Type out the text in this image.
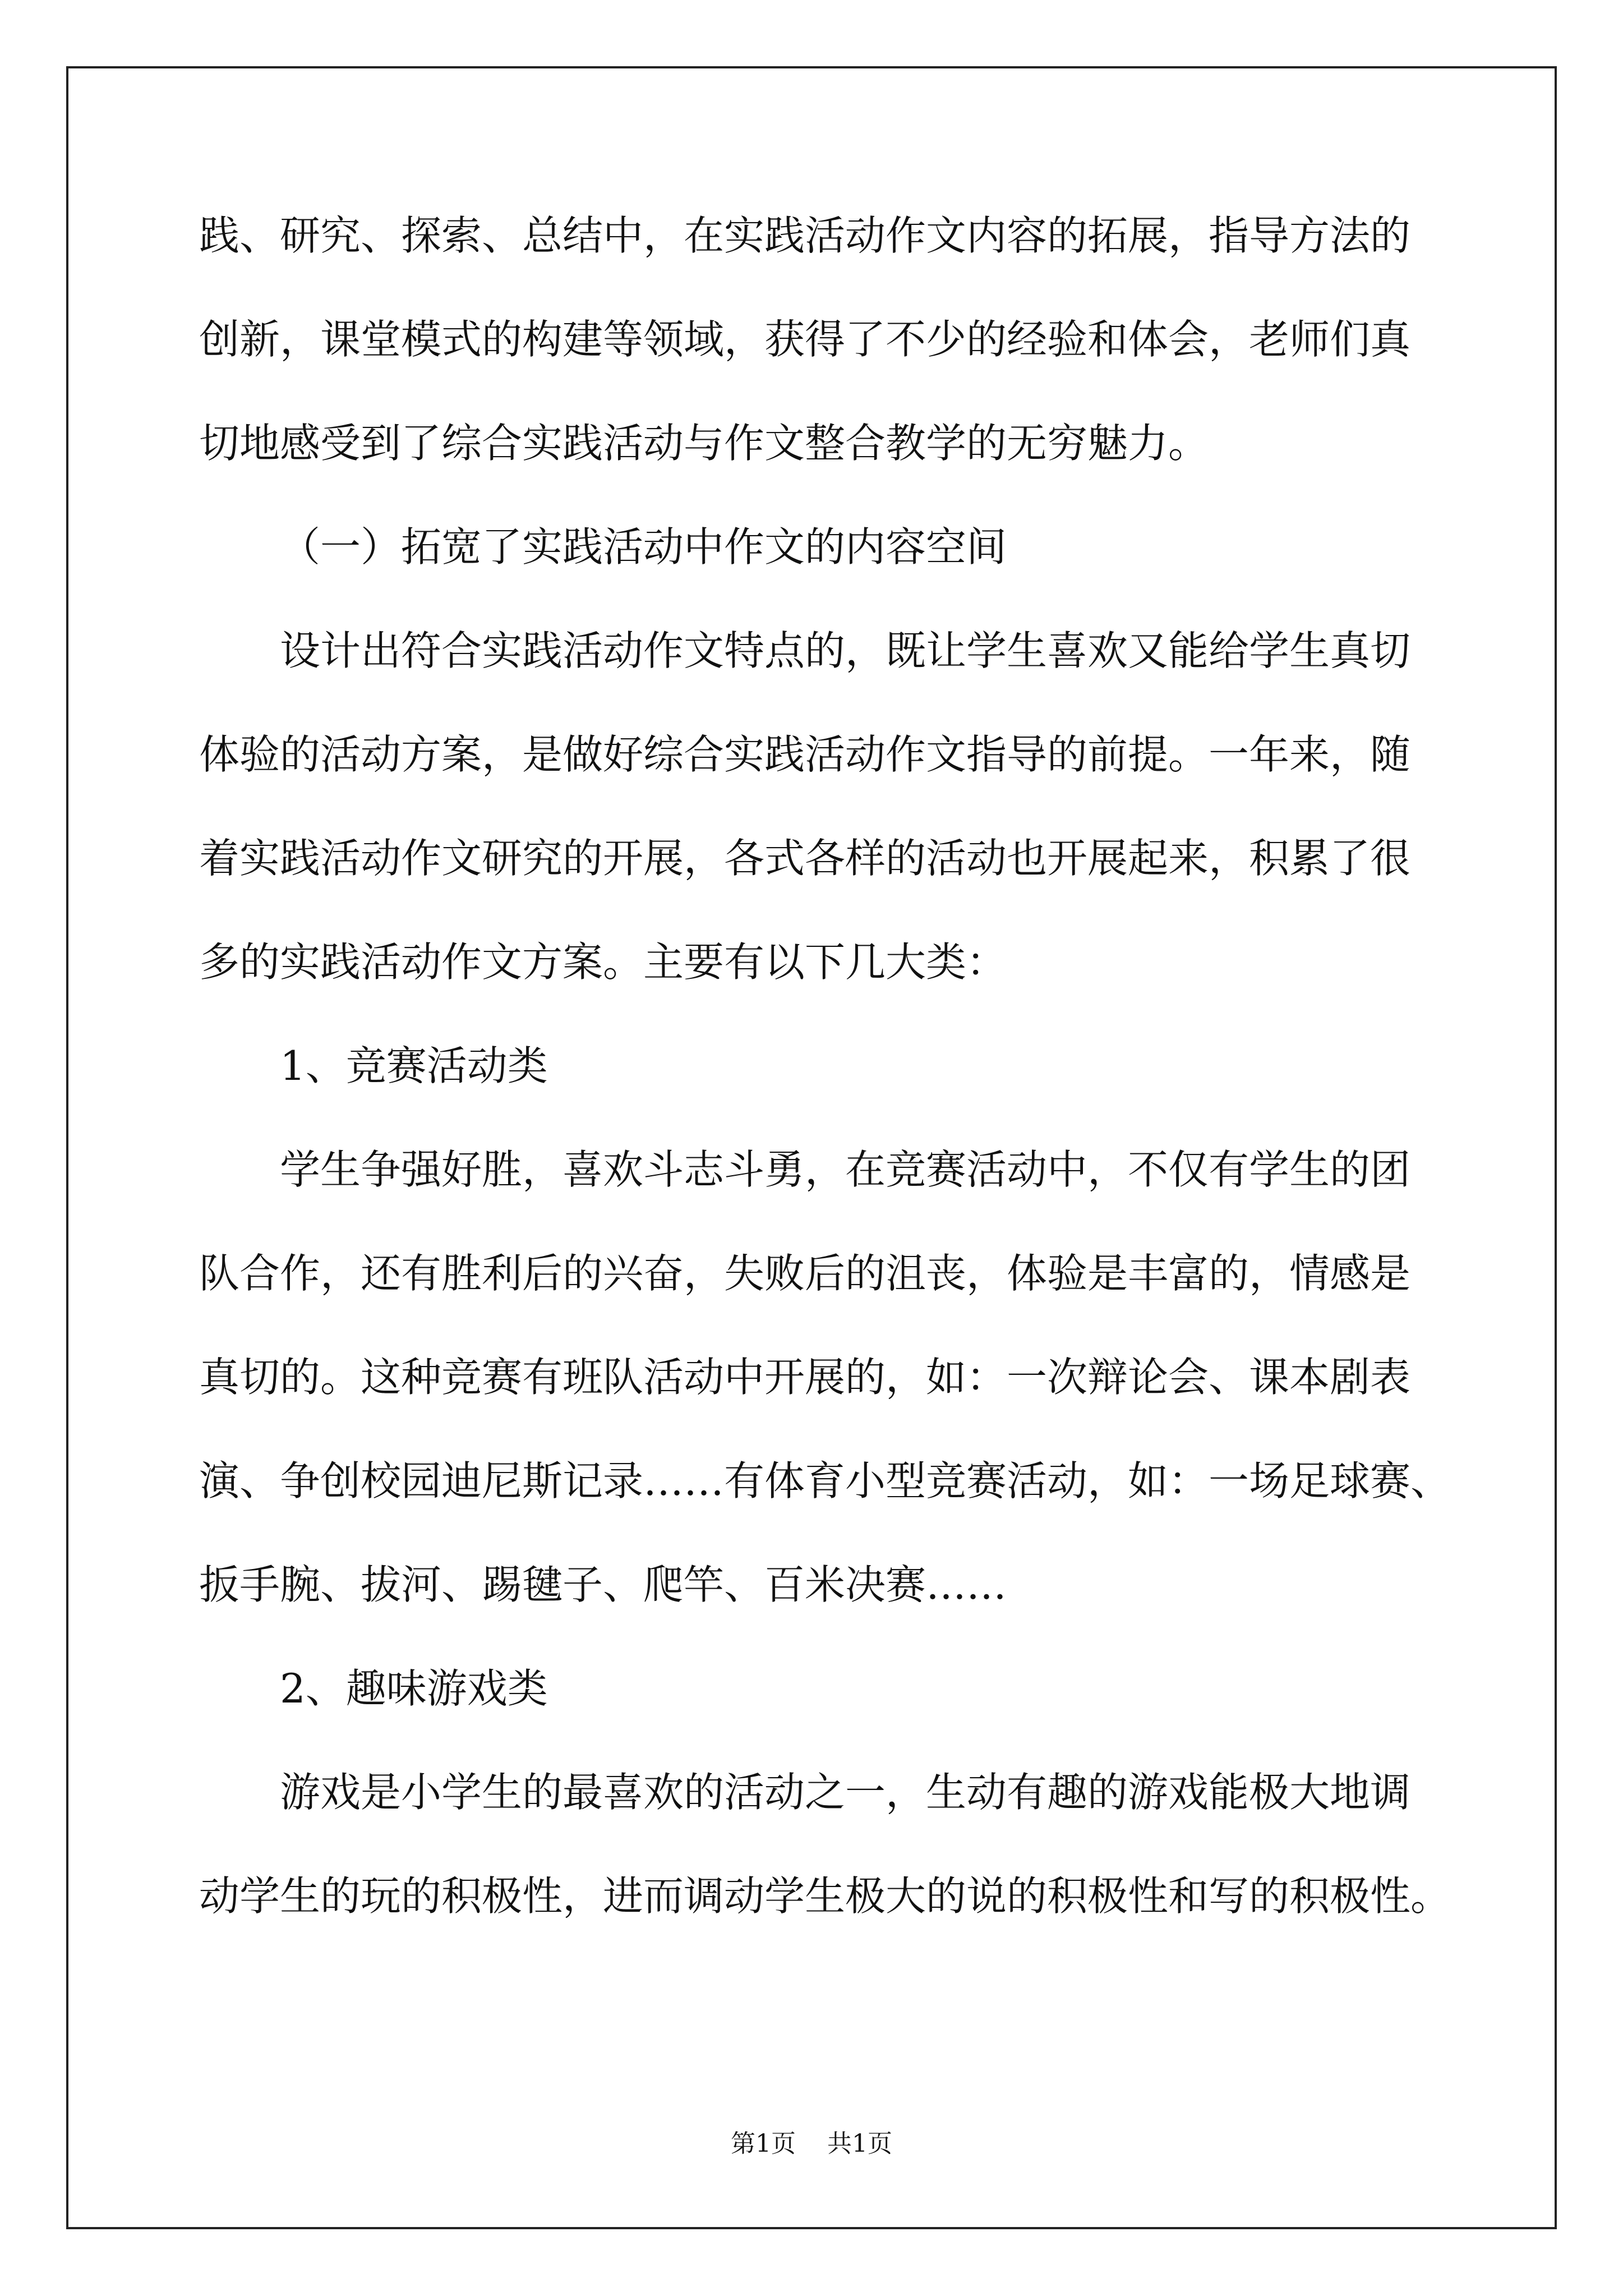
践、研究、探索、总结中，在实践活动作文内容的拓展，指导方法的
创新，课堂模式的构建等领域，获得了不少的经验和体会，老师们真
切地感受到了综合实践活动与作文整合教学的无穷魅力。
（一）拓宽了实践活动中作文的内容空间
设计出符合实践活动作文特点的，既让学生喜欢又能给学生真切
体验的活动方案，是做好综合实践活动作文指导的前提。一年来，随
着实践活动作文研究的开展，各式各样的活动也开展起来，积累了很
多的实践活动作文方案。主要有以下几大类：
1、竞赛活动类
学生争强好胜，喜欢斗志斗勇，在竞赛活动中，不仅有学生的团
队合作，还有胜利后的兴奋，失败后的沮丧，体验是丰富的，情感是
真切的。这种竞赛有班队活动中开展的，如：一次辩论会、课本剧表
演、争创校园迪尼斯记录……有体育小型竞赛活动，如：一场足球赛、
扳手腕、拔河、踢毽子、爬竿、百米决赛……
2、趣味游戏类
游戏是小学生的最喜欢的活动之一，生动有趣的游戏能极大地调
动学生的玩的积极性，进而调动学生极大的说的积极性和写的积极性。
第1页 共1页
